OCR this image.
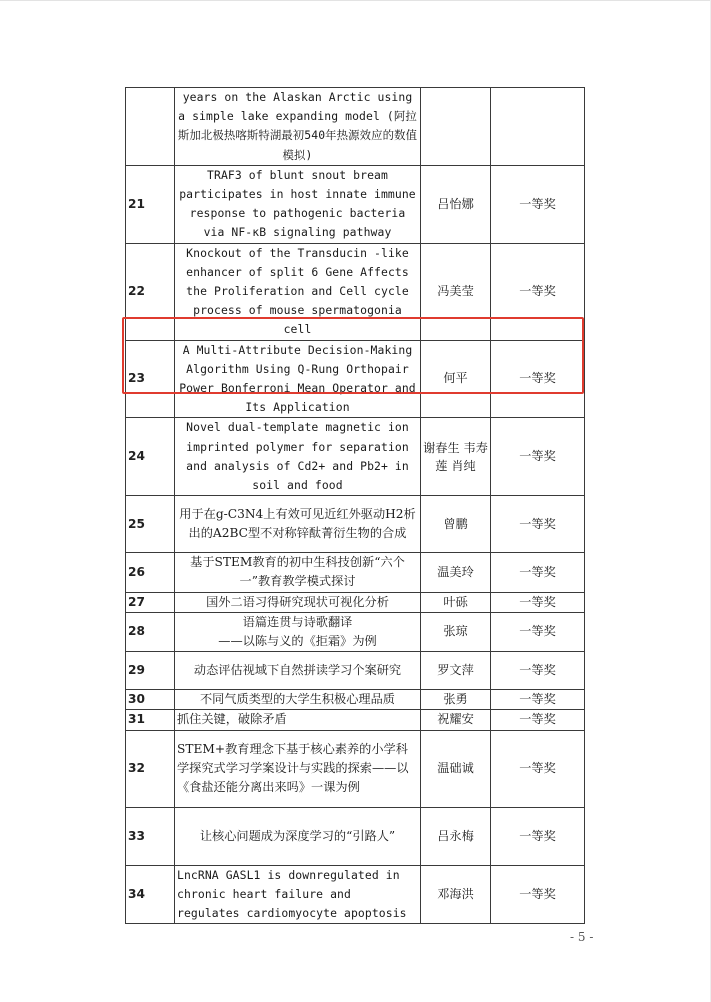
	years on the Alaskan Arctic using a simple lake expanding model (阿拉斯加北极热喀斯特湖最初540年热源效应的数值模拟)		
21	TRAF3 of blunt snout bream participates in host innate immune response to pathogenic bacteria via NF-κB signaling pathway	吕怡娜	一等奖
22	Knockout of the Transducin -like enhancer of split 6 Gene Affects the Proliferation and Cell cycle process of mouse spermatogonia cell	冯美莹	一等奖
23	A Multi-Attribute Decision-Making Algorithm Using Q-Rung Orthopair Power Bonferroni Mean Operator and Its Application	何平	一等奖
24	Novel dual-template magnetic ion imprinted polymer for separation and analysis of Cd2+ and Pb2+ in soil and food	谢春生 韦寿莲 肖纯	一等奖
25	用于在g-C3N4上有效可见近红外驱动H2析出的A2BC型不对称锌酞菁衍生物的合成	曾鹏	一等奖
26	基于STEM教育的初中生科技创新“六个一”教育教学模式探讨	温美玲	一等奖
27	国外二语习得研究现状可视化分析	叶砾	一等奖
28	语篇连贯与诗歌翻译
——以陈与义的《拒霜》为例	张琼	一等奖
29	动态评估视域下自然拼读学习个案研究	罗文萍	一等奖
30	不同气质类型的大学生积极心理品质	张勇	一等奖
31	抓住关键，破除矛盾	祝耀安	一等奖
32	STEM+教育理念下基于核心素养的小学科学探究式学习学案设计与实践的探索——以《食盐还能分离出来吗》一课为例	温础诚	一等奖
33	让核心问题成为深度学习的“引路人”	吕永梅	一等奖
34	LncRNA GASL1 is downregulated in chronic heart failure and regulates cardiomyocyte apoptosis	邓海洪	一等奖
- 5 -
